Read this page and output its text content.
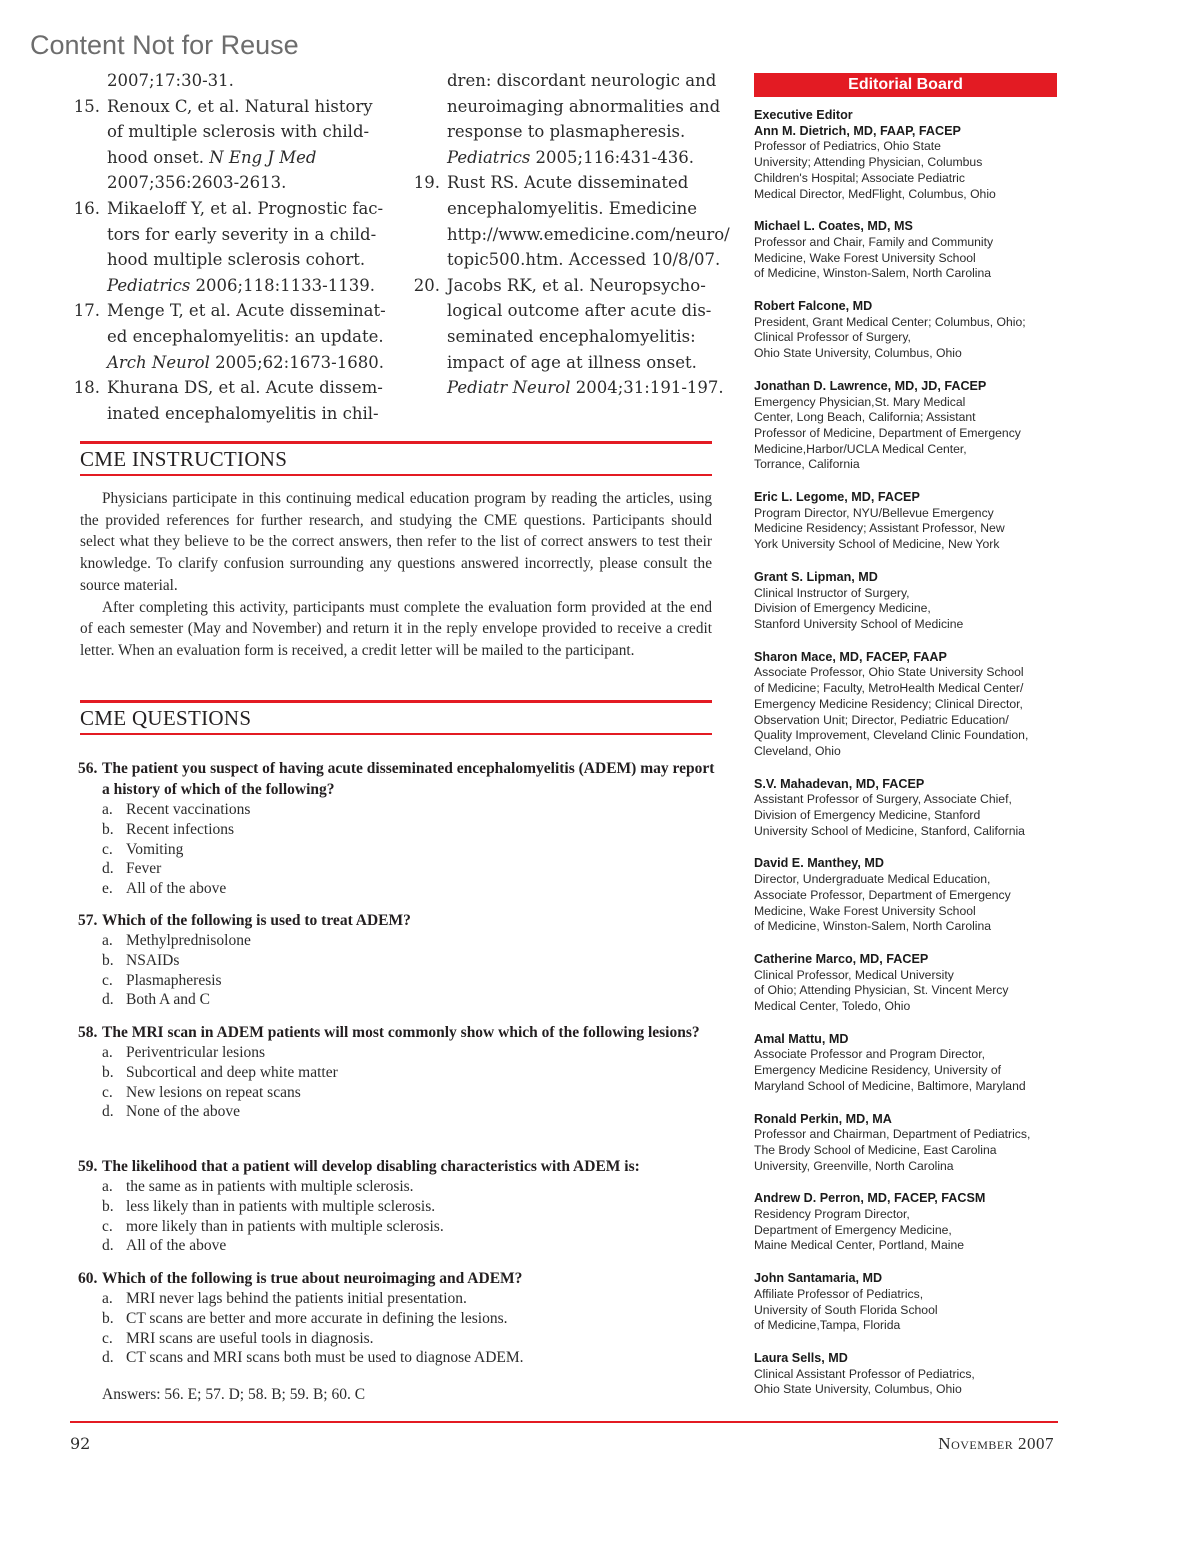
Content Not for Reuse
2007;17:30-31.
15. Renoux C, et al. Natural history
of multiple sclerosis with child-
hood onset. N Eng J Med
2007;356:2603-2613.
16. Mikaeloff Y, et al. Prognostic fac-
tors for early severity in a child-
hood multiple sclerosis cohort.
Pediatrics 2006;118:1133-1139.
17. Menge T, et al. Acute disseminat-
ed encephalomyelitis: an update.
Arch Neurol 2005;62:1673-1680.
18. Khurana DS, et al. Acute dissem-
inated encephalomyelitis in chil-
dren: discordant neurologic and
neuroimaging abnormalities and
response to plasmapheresis.
Pediatrics 2005;116:431-436.
19. Rust RS. Acute disseminated
encephalomyelitis. Emedicine
http://www.emedicine.com/neuro/
topic500.htm. Accessed 10/8/07.
20. Jacobs RK, et al. Neuropsycho-
logical outcome after acute dis-
seminated encephalomyelitis:
impact of age at illness onset.
Pediatr Neurol 2004;31:191-197.
CME INSTRUCTIONS

Physicians participate in this continuing medical education program by reading the articles, using the provided references for further research, and studying the CME questions. Participants should select what they believe to be the correct answers, then refer to the list of correct answers to test their knowledge. To clarify confusion surrounding any questions answered incorrectly, please consult the source material.

After completing this activity, participants must complete the evaluation form provided at the end of each semester (May and November) and return it in the reply envelope provided to receive a credit letter. When an evaluation form is received, a credit letter will be mailed to the participant.

CME QUESTIONS
56. The patient you suspect of having acute disseminated encephalomyelitis (ADEM) may report a history of which of the following?
a. Recent vaccinations
b. Recent infections
c. Vomiting
d. Fever
e. All of the above
57. Which of the following is used to treat ADEM?
a. Methylprednisolone
b. NSAIDs
c. Plasmapheresis
d. Both A and C
58. The MRI scan in ADEM patients will most commonly show which of the following lesions?
a. Periventricular lesions
b. Subcortical and deep white matter
c. New lesions on repeat scans
d. None of the above
59. The likelihood that a patient will develop disabling characteristics with ADEM is:
a. the same as in patients with multiple sclerosis.
b. less likely than in patients with multiple sclerosis.
c. more likely than in patients with multiple sclerosis.
d. All of the above
60. Which of the following is true about neuroimaging and ADEM?
a. MRI never lags behind the patients initial presentation.
b. CT scans are better and more accurate in defining the lesions.
c. MRI scans are useful tools in diagnosis.
d. CT scans and MRI scans both must be used to diagnose ADEM.
Answers: 56. E; 57. D; 58. B; 59. B; 60. C
Editorial Board
Executive Editor
Ann M. Dietrich, MD, FAAP, FACEP
Professor of Pediatrics, Ohio State
University; Attending Physician, Columbus
Children's Hospital; Associate Pediatric
Medical Director, MedFlight, Columbus, Ohio
Michael L. Coates, MD, MS
Professor and Chair, Family and Community
Medicine, Wake Forest University School
of Medicine, Winston-Salem, North Carolina
Robert Falcone, MD
President, Grant Medical Center; Columbus, Ohio;
Clinical Professor of Surgery,
Ohio State University, Columbus, Ohio
Jonathan D. Lawrence, MD, JD, FACEP
Emergency Physician,St. Mary Medical
Center, Long Beach, California; Assistant
Professor of Medicine, Department of Emergency
Medicine,Harbor/UCLA Medical Center,
Torrance, California
Eric L. Legome, MD, FACEP
Program Director, NYU/Bellevue Emergency
Medicine Residency; Assistant Professor, New
York University School of Medicine, New York
Grant S. Lipman, MD
Clinical Instructor of Surgery,
Division of Emergency Medicine,
Stanford University School of Medicine
Sharon Mace, MD, FACEP, FAAP
Associate Professor, Ohio State University School
of Medicine; Faculty, MetroHealth Medical Center/
Emergency Medicine Residency; Clinical Director,
Observation Unit; Director, Pediatric Education/
Quality Improvement, Cleveland Clinic Foundation,
Cleveland, Ohio
S.V. Mahadevan, MD, FACEP
Assistant Professor of Surgery, Associate Chief,
Division of Emergency Medicine, Stanford
University School of Medicine, Stanford, California
David E. Manthey, MD
Director, Undergraduate Medical Education,
Associate Professor, Department of Emergency
Medicine, Wake Forest University School
of Medicine, Winston-Salem, North Carolina
Catherine Marco, MD, FACEP
Clinical Professor, Medical University
of Ohio; Attending Physician, St. Vincent Mercy
Medical Center, Toledo, Ohio
Amal Mattu, MD
Associate Professor and Program Director,
Emergency Medicine Residency, University of
Maryland School of Medicine, Baltimore, Maryland
Ronald Perkin, MD, MA
Professor and Chairman, Department of Pediatrics,
The Brody School of Medicine, East Carolina
University, Greenville, North Carolina
Andrew D. Perron, MD, FACEP, FACSM
Residency Program Director,
Department of Emergency Medicine,
Maine Medical Center, Portland, Maine
John Santamaria, MD
Affiliate Professor of Pediatrics,
University of South Florida School
of Medicine,Tampa, Florida
Laura Sells, MD
Clinical Assistant Professor of Pediatrics,
Ohio State University, Columbus, Ohio
92	November 2007
